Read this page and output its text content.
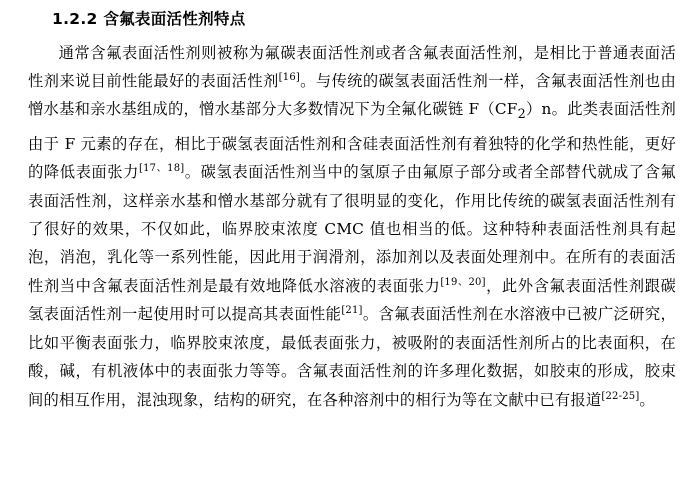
1.2.2 含氟表面活性剂特点

通常含氟表面活性剂则被称为氟碳表面活性剂或者含氟表面活性剂，是相比于普通表面活性剂来说目前性能最好的表面活性剂[16]。与传统的碳氢表面活性剂一样，含氟表面活性剂也由憎水基和亲水基组成的，憎水基部分大多数情况下为全氟化碳链 $F(CF_2)n$。此类表面活性剂由于 F 元素的存在，相比于碳氢表面活性剂和含硅表面活性剂有着独特的化学和热性能，更好的降低表面张力[17、18]。碳氢表面活性剂当中的氢原子由氟原子部分或者全部替代就成了含氟表面活性剂，这样亲水基和憎水基部分就有了很明显的变化，作用比传统的碳氢表面活性剂有了很好的效果，不仅如此，临界胶束浓度 CMC 值也相当的低。这种特种表面活性剂具有起泡，消泡，乳化等一系列性能，因此用于润滑剂，添加剂以及表面处理剂中。在所有的表面活性剂当中含氟表面活性剂是最有效地降低水溶液的表面张力[19、20]，此外含氟表面活性剂跟碳氢表面活性剂一起使用时可以提高其表面性能[21]。含氟表面活性剂在水溶液中已被广泛研究，比如平衡表面张力，临界胶束浓度，最低表面张力，被吸附的表面活性剂所占的比表面积，在酸，碱，有机液体中的表面张力等等。含氟表面活性剂的许多理化数据，如胶束的形成，胶束间的相互作用，混浊现象，结构的研究，在各种溶剂中的相行为等在文献中已有报道[22-25]。
